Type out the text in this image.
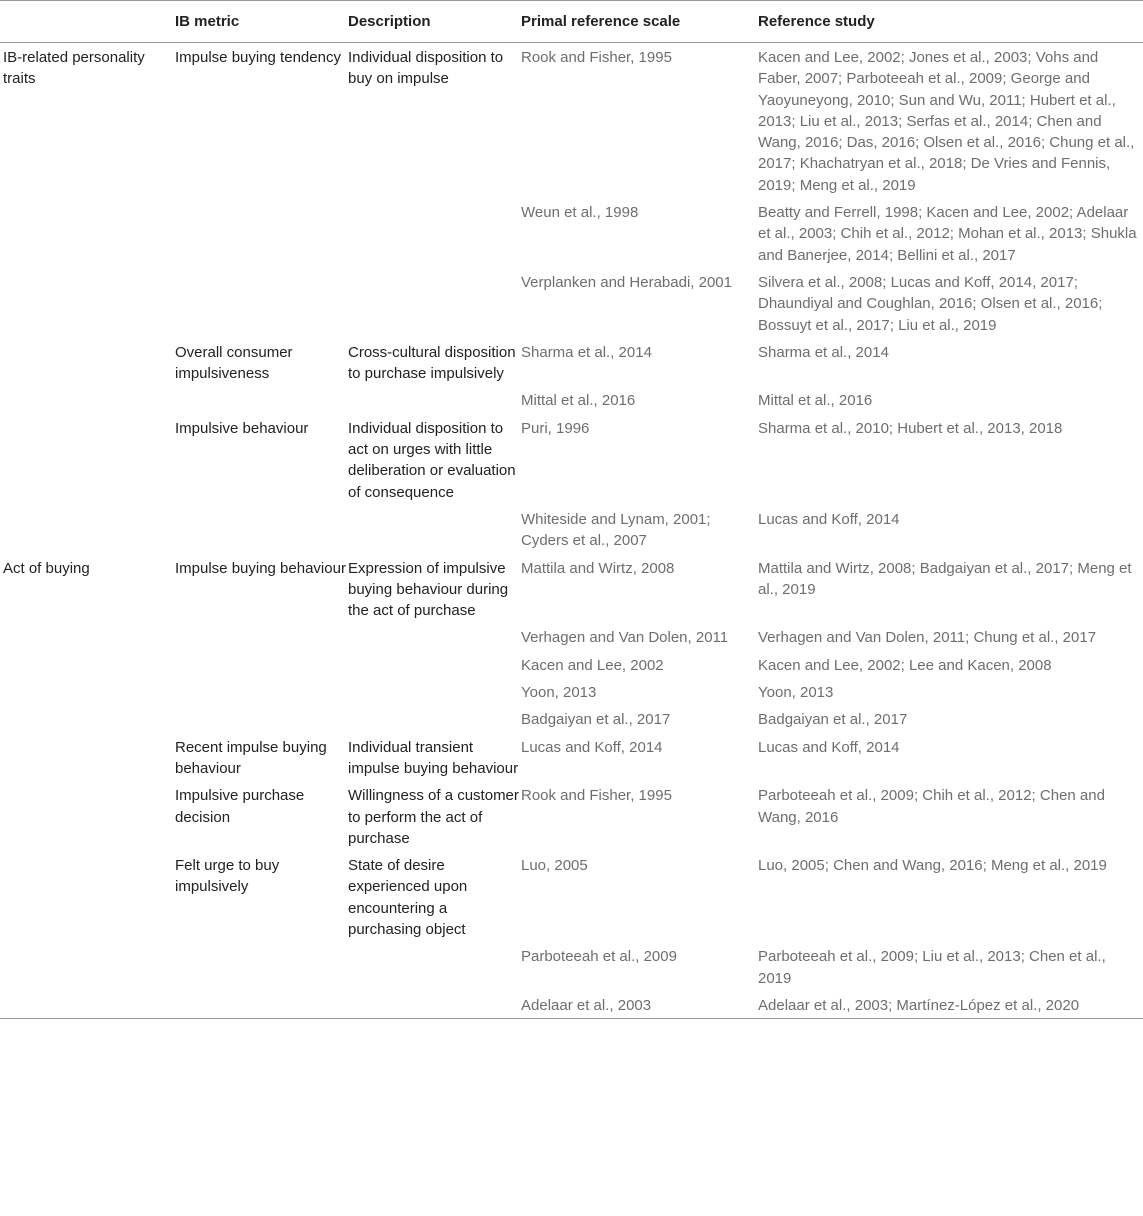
	IB metric	Description	Primal reference scale	Reference study
IB-related personality traits	Impulse buying tendency	Individual disposition to buy on impulse	Rook and Fisher, 1995	Kacen and Lee, 2002; Jones et al., 2003; Vohs and Faber, 2007; Parboteeah et al., 2009; George and Yaoyuneyong, 2010; Sun and Wu, 2011; Hubert et al., 2013; Liu et al., 2013; Serfas et al., 2014; Chen and Wang, 2016; Das, 2016; Olsen et al., 2016; Chung et al., 2017; Khachatryan et al., 2018; De Vries and Fennis, 2019; Meng et al., 2019
			Weun et al., 1998	Beatty and Ferrell, 1998; Kacen and Lee, 2002; Adelaar et al., 2003; Chih et al., 2012; Mohan et al., 2013; Shukla and Banerjee, 2014; Bellini et al., 2017
			Verplanken and Herabadi, 2001	Silvera et al., 2008; Lucas and Koff, 2014, 2017; Dhaundiyal and Coughlan, 2016; Olsen et al., 2016; Bossuyt et al., 2017; Liu et al., 2019
	Overall consumer impulsiveness	Cross-cultural disposition to purchase impulsively	Sharma et al., 2014	Sharma et al., 2014
			Mittal et al., 2016	Mittal et al., 2016
	Impulsive behaviour	Individual disposition to act on urges with little deliberation or evaluation of consequence	Puri, 1996	Sharma et al., 2010; Hubert et al., 2013, 2018
			Whiteside and Lynam, 2001; Cyders et al., 2007	Lucas and Koff, 2014
Act of buying	Impulse buying behaviour	Expression of impulsive buying behaviour during the act of purchase	Mattila and Wirtz, 2008	Mattila and Wirtz, 2008; Badgaiyan et al., 2017; Meng et al., 2019
			Verhagen and Van Dolen, 2011	Verhagen and Van Dolen, 2011; Chung et al., 2017
			Kacen and Lee, 2002	Kacen and Lee, 2002; Lee and Kacen, 2008
			Yoon, 2013	Yoon, 2013
			Badgaiyan et al., 2017	Badgaiyan et al., 2017
	Recent impulse buying behaviour	Individual transient impulse buying behaviour	Lucas and Koff, 2014	Lucas and Koff, 2014
	Impulsive purchase decision	Willingness of a customer to perform the act of purchase	Rook and Fisher, 1995	Parboteeah et al., 2009; Chih et al., 2012; Chen and Wang, 2016
	Felt urge to buy impulsively	State of desire experienced upon encountering a purchasing object	Luo, 2005	Luo, 2005; Chen and Wang, 2016; Meng et al., 2019
			Parboteeah et al., 2009	Parboteeah et al., 2009; Liu et al., 2013; Chen et al., 2019
			Adelaar et al., 2003	Adelaar et al., 2003; Martínez-López et al., 2020
